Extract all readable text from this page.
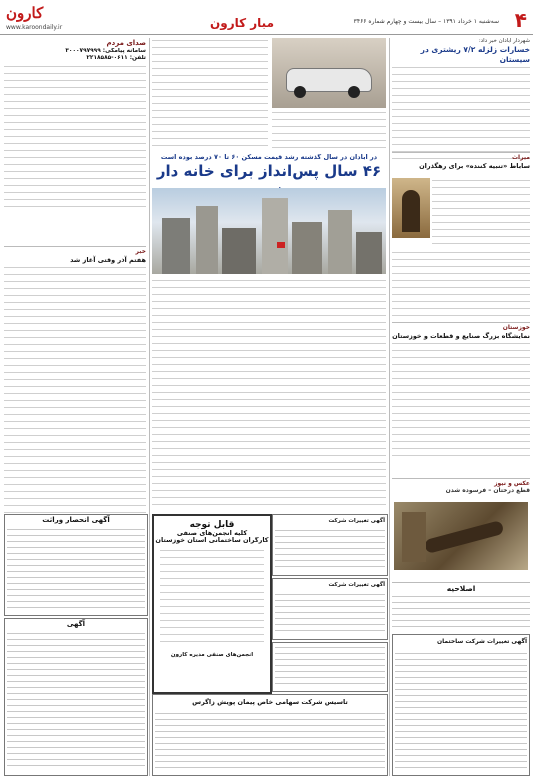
کارون
www.karoondaily.ir	مبار کارون	سه‌شنبه ۱ خرداد ۱۳۹۱ – سال بیست و چهارم شماره ۳۴۶۶ ۴
شهردار آبادان خبر داد:
خسارات زلزله ۷/۲ ریشتری در سیستان
میراث
ساباط «تنبیه کننده» برای رهگذران
خوزستان
نمایشگاه بزرگ صنایع و قطعات و خوزستان
عکس و نیوز
قطع درختان – فرسوده شدن
اصلاحیه
آگهی تغییرات شرکت ساختمان
در آبادان در سال گذشته رشد قیمت مسکن ۶۰ تا ۷۰ درصد بوده است
۴۶ سال پس‌انداز برای خانه دار
آگهی تغییرات شرکت
آگهی تغییرات شرکت
قابل توجه
کلیه انجمن‌های صنفی
کارگران ساختمانی استان خوزستان
انجمن‌های صنفی مدیره کارون
تاسیس شرکت سهامی خاص پیمان پویش زاگرس
صدای مردم
سامانه پیامکی: ۳۰۰۰۷۹۷۹۹۹
تلفن: ۰۶۱۱-۲۲۱۸۵۸۵
خبر
هفتم آذر وقتی آغاز شد
آگهی انحصار وراثت
آگهی
